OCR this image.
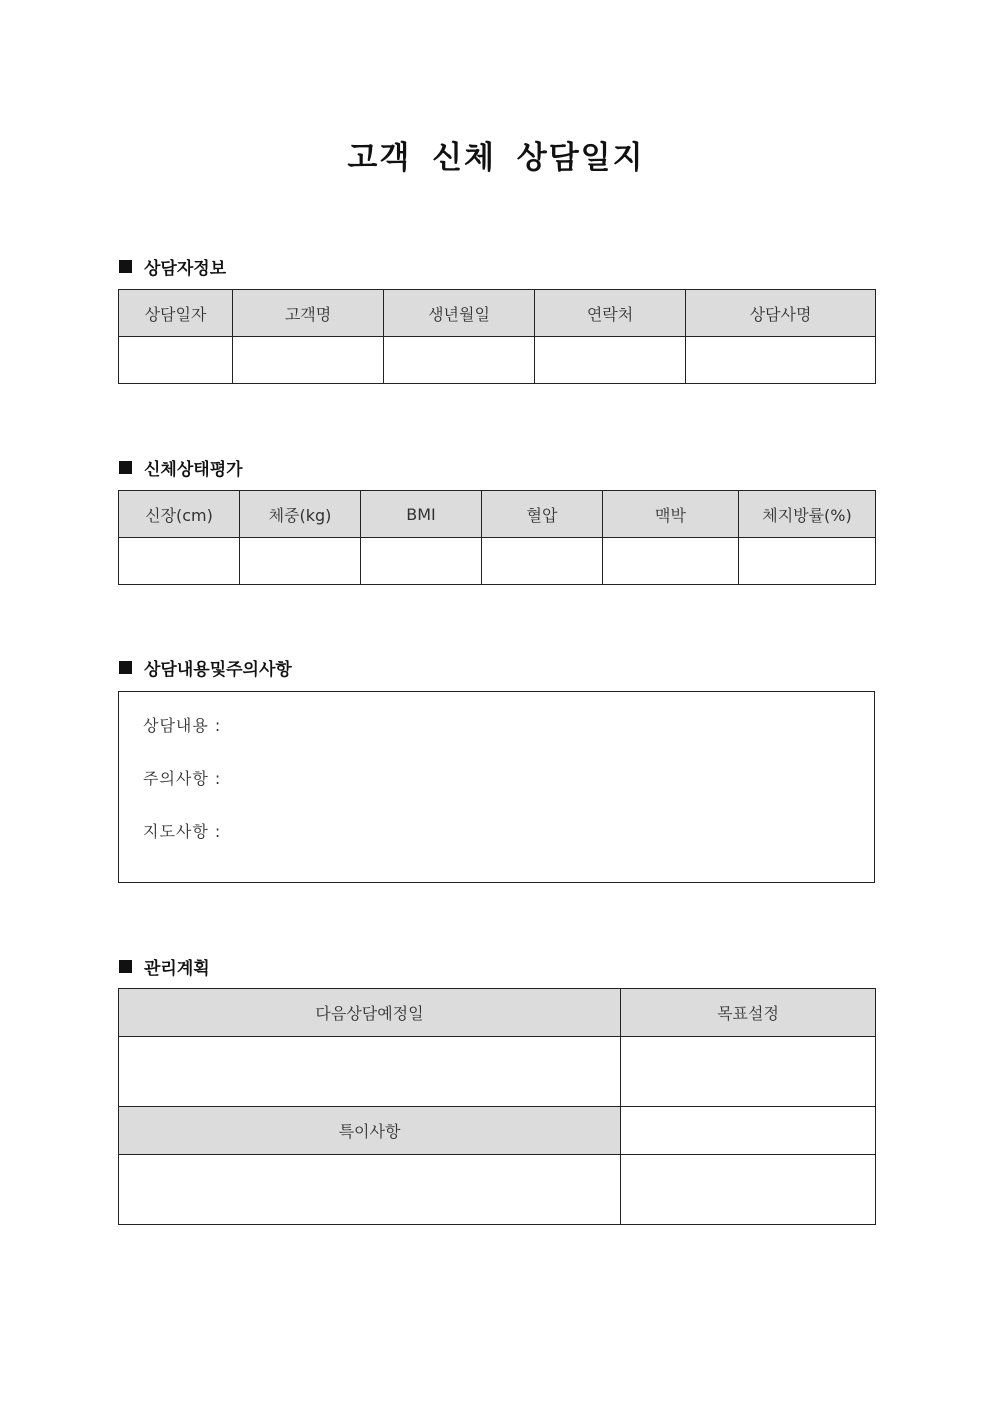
고객 신체 상담일지
상담자정보
상담일자	고객명	생년월일	연락처	상담사명

신체상태평가
신장(cm)	체중(kg)	BMI	혈압	맥박	체지방률(%)

상담내용및주의사항
상담내용 :
주의사항 :
지도사항 :
관리계획
다음상담예정일	목표설정

특이사항	
